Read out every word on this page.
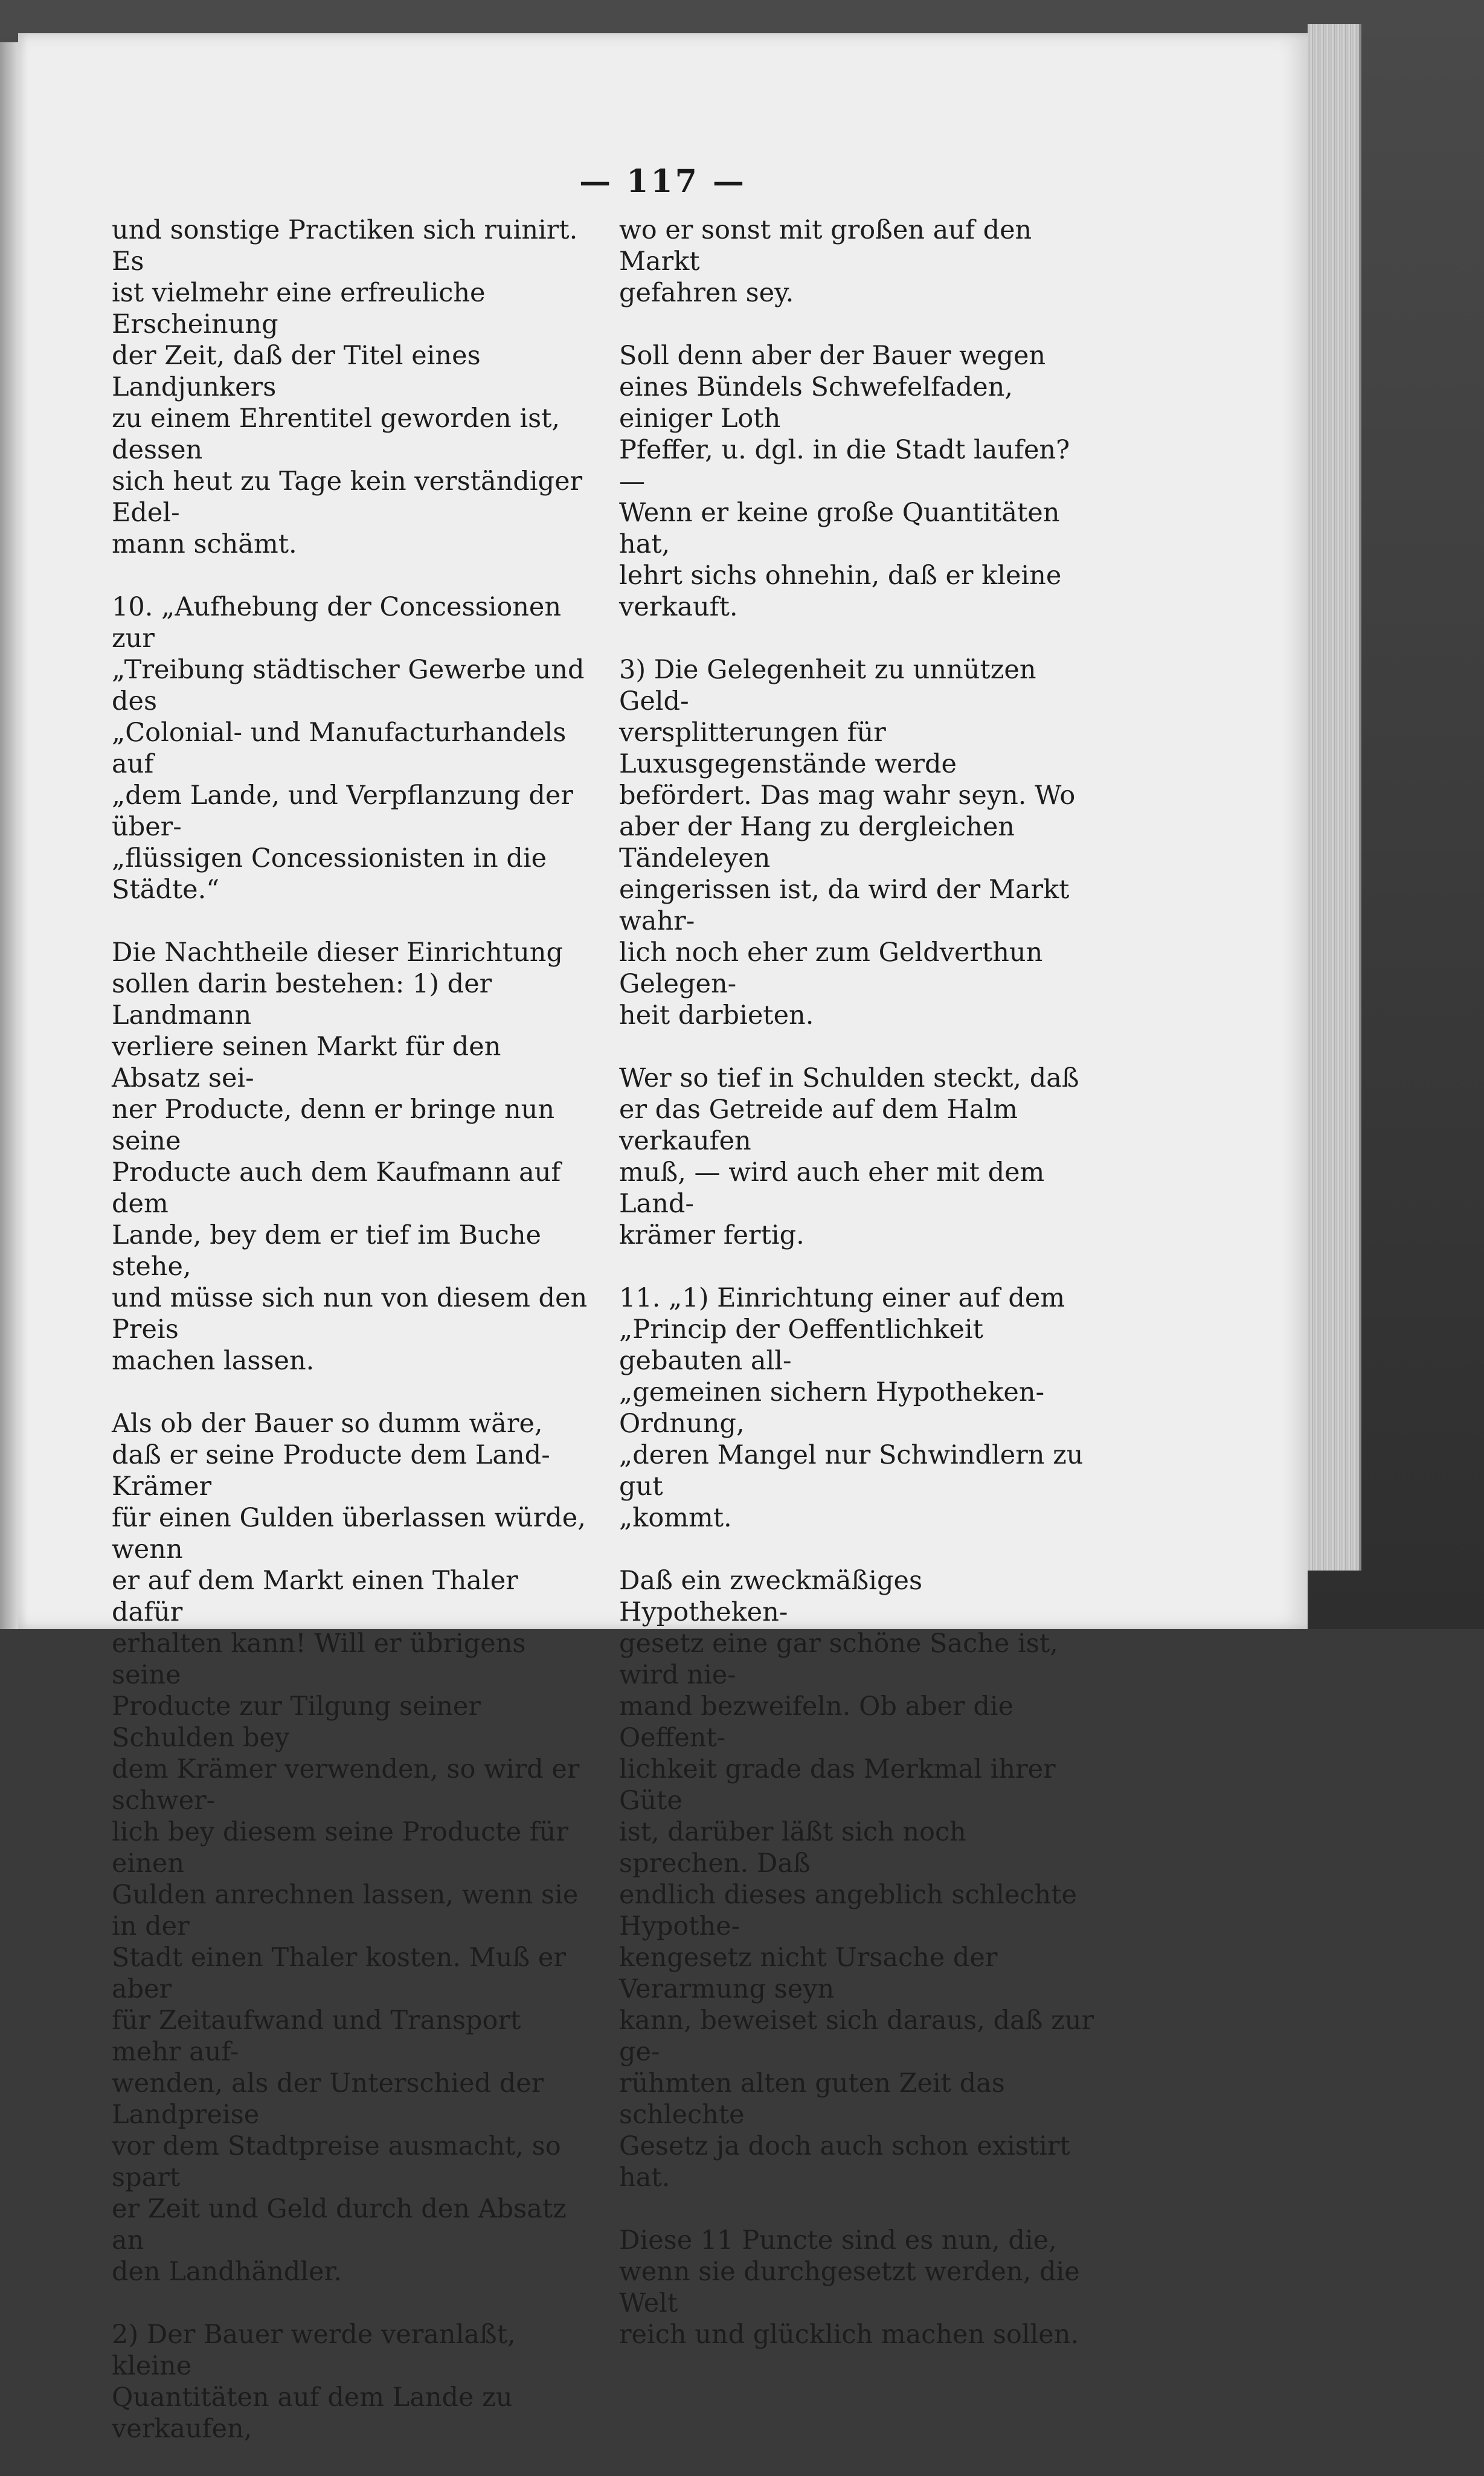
— 117 —

und sonstige Practiken sich ruinirt. Es
ist vielmehr eine erfreuliche Erscheinung
der Zeit, daß der Titel eines Landjunkers
zu einem Ehrentitel geworden ist, dessen
sich heut zu Tage kein verständiger Edel-
mann schämt.

10. „Aufhebung der Concessionen zur
„Treibung städtischer Gewerbe und des
„Colonial- und Manufacturhandels auf
„dem Lande, und Verpflanzung der über-
„flüssigen Concessionisten in die Städte.“

Die Nachtheile dieser Einrichtung
sollen darin bestehen: 1) der Landmann
verliere seinen Markt für den Absatz sei-
ner Producte, denn er bringe nun seine
Producte auch dem Kaufmann auf dem
Lande, bey dem er tief im Buche stehe,
und müsse sich nun von diesem den Preis
machen lassen.

Als ob der Bauer so dumm wäre,
daß er seine Producte dem Land-Krämer
für einen Gulden überlassen würde, wenn
er auf dem Markt einen Thaler dafür
erhalten kann! Will er übrigens seine
Producte zur Tilgung seiner Schulden bey
dem Krämer verwenden, so wird er schwer-
lich bey diesem seine Producte für einen
Gulden anrechnen lassen, wenn sie in der
Stadt einen Thaler kosten. Muß er aber
für Zeitaufwand und Transport mehr auf-
wenden, als der Unterschied der Landpreise
vor dem Stadtpreise ausmacht, so spart
er Zeit und Geld durch den Absatz an
den Landhändler.

2) Der Bauer werde veranlaßt, kleine
Quantitäten auf dem Lande zu verkaufen,

wo er sonst mit großen auf den Markt
gefahren sey.

Soll denn aber der Bauer wegen
eines Bündels Schwefelfaden, einiger Loth
Pfeffer, u. dgl. in die Stadt laufen? —
Wenn er keine große Quantitäten hat,
lehrt sichs ohnehin, daß er kleine verkauft.

3) Die Gelegenheit zu unnützen Geld-
versplitterungen für Luxusgegenstände werde
befördert. Das mag wahr seyn. Wo
aber der Hang zu dergleichen Tändeleyen
eingerissen ist, da wird der Markt wahr-
lich noch eher zum Geldverthun Gelegen-
heit darbieten.

Wer so tief in Schulden steckt, daß
er das Getreide auf dem Halm verkaufen
muß, — wird auch eher mit dem Land-
krämer fertig.

11. „1) Einrichtung einer auf dem
„Princip der Oeffentlichkeit gebauten all-
„gemeinen sichern Hypotheken-Ordnung,
„deren Mangel nur Schwindlern zu gut
„kommt.

Daß ein zweckmäßiges Hypotheken-
gesetz eine gar schöne Sache ist, wird nie-
mand bezweifeln. Ob aber die Oeffent-
lichkeit grade das Merkmal ihrer Güte
ist, darüber läßt sich noch sprechen. Daß
endlich dieses angeblich schlechte Hypothe-
kengesetz nicht Ursache der Verarmung seyn
kann, beweiset sich daraus, daß zur ge-
rühmten alten guten Zeit das schlechte
Gesetz ja doch auch schon existirt hat.

Diese 11 Puncte sind es nun, die,
wenn sie durchgesetzt werden, die Welt
reich und glücklich machen sollen.
